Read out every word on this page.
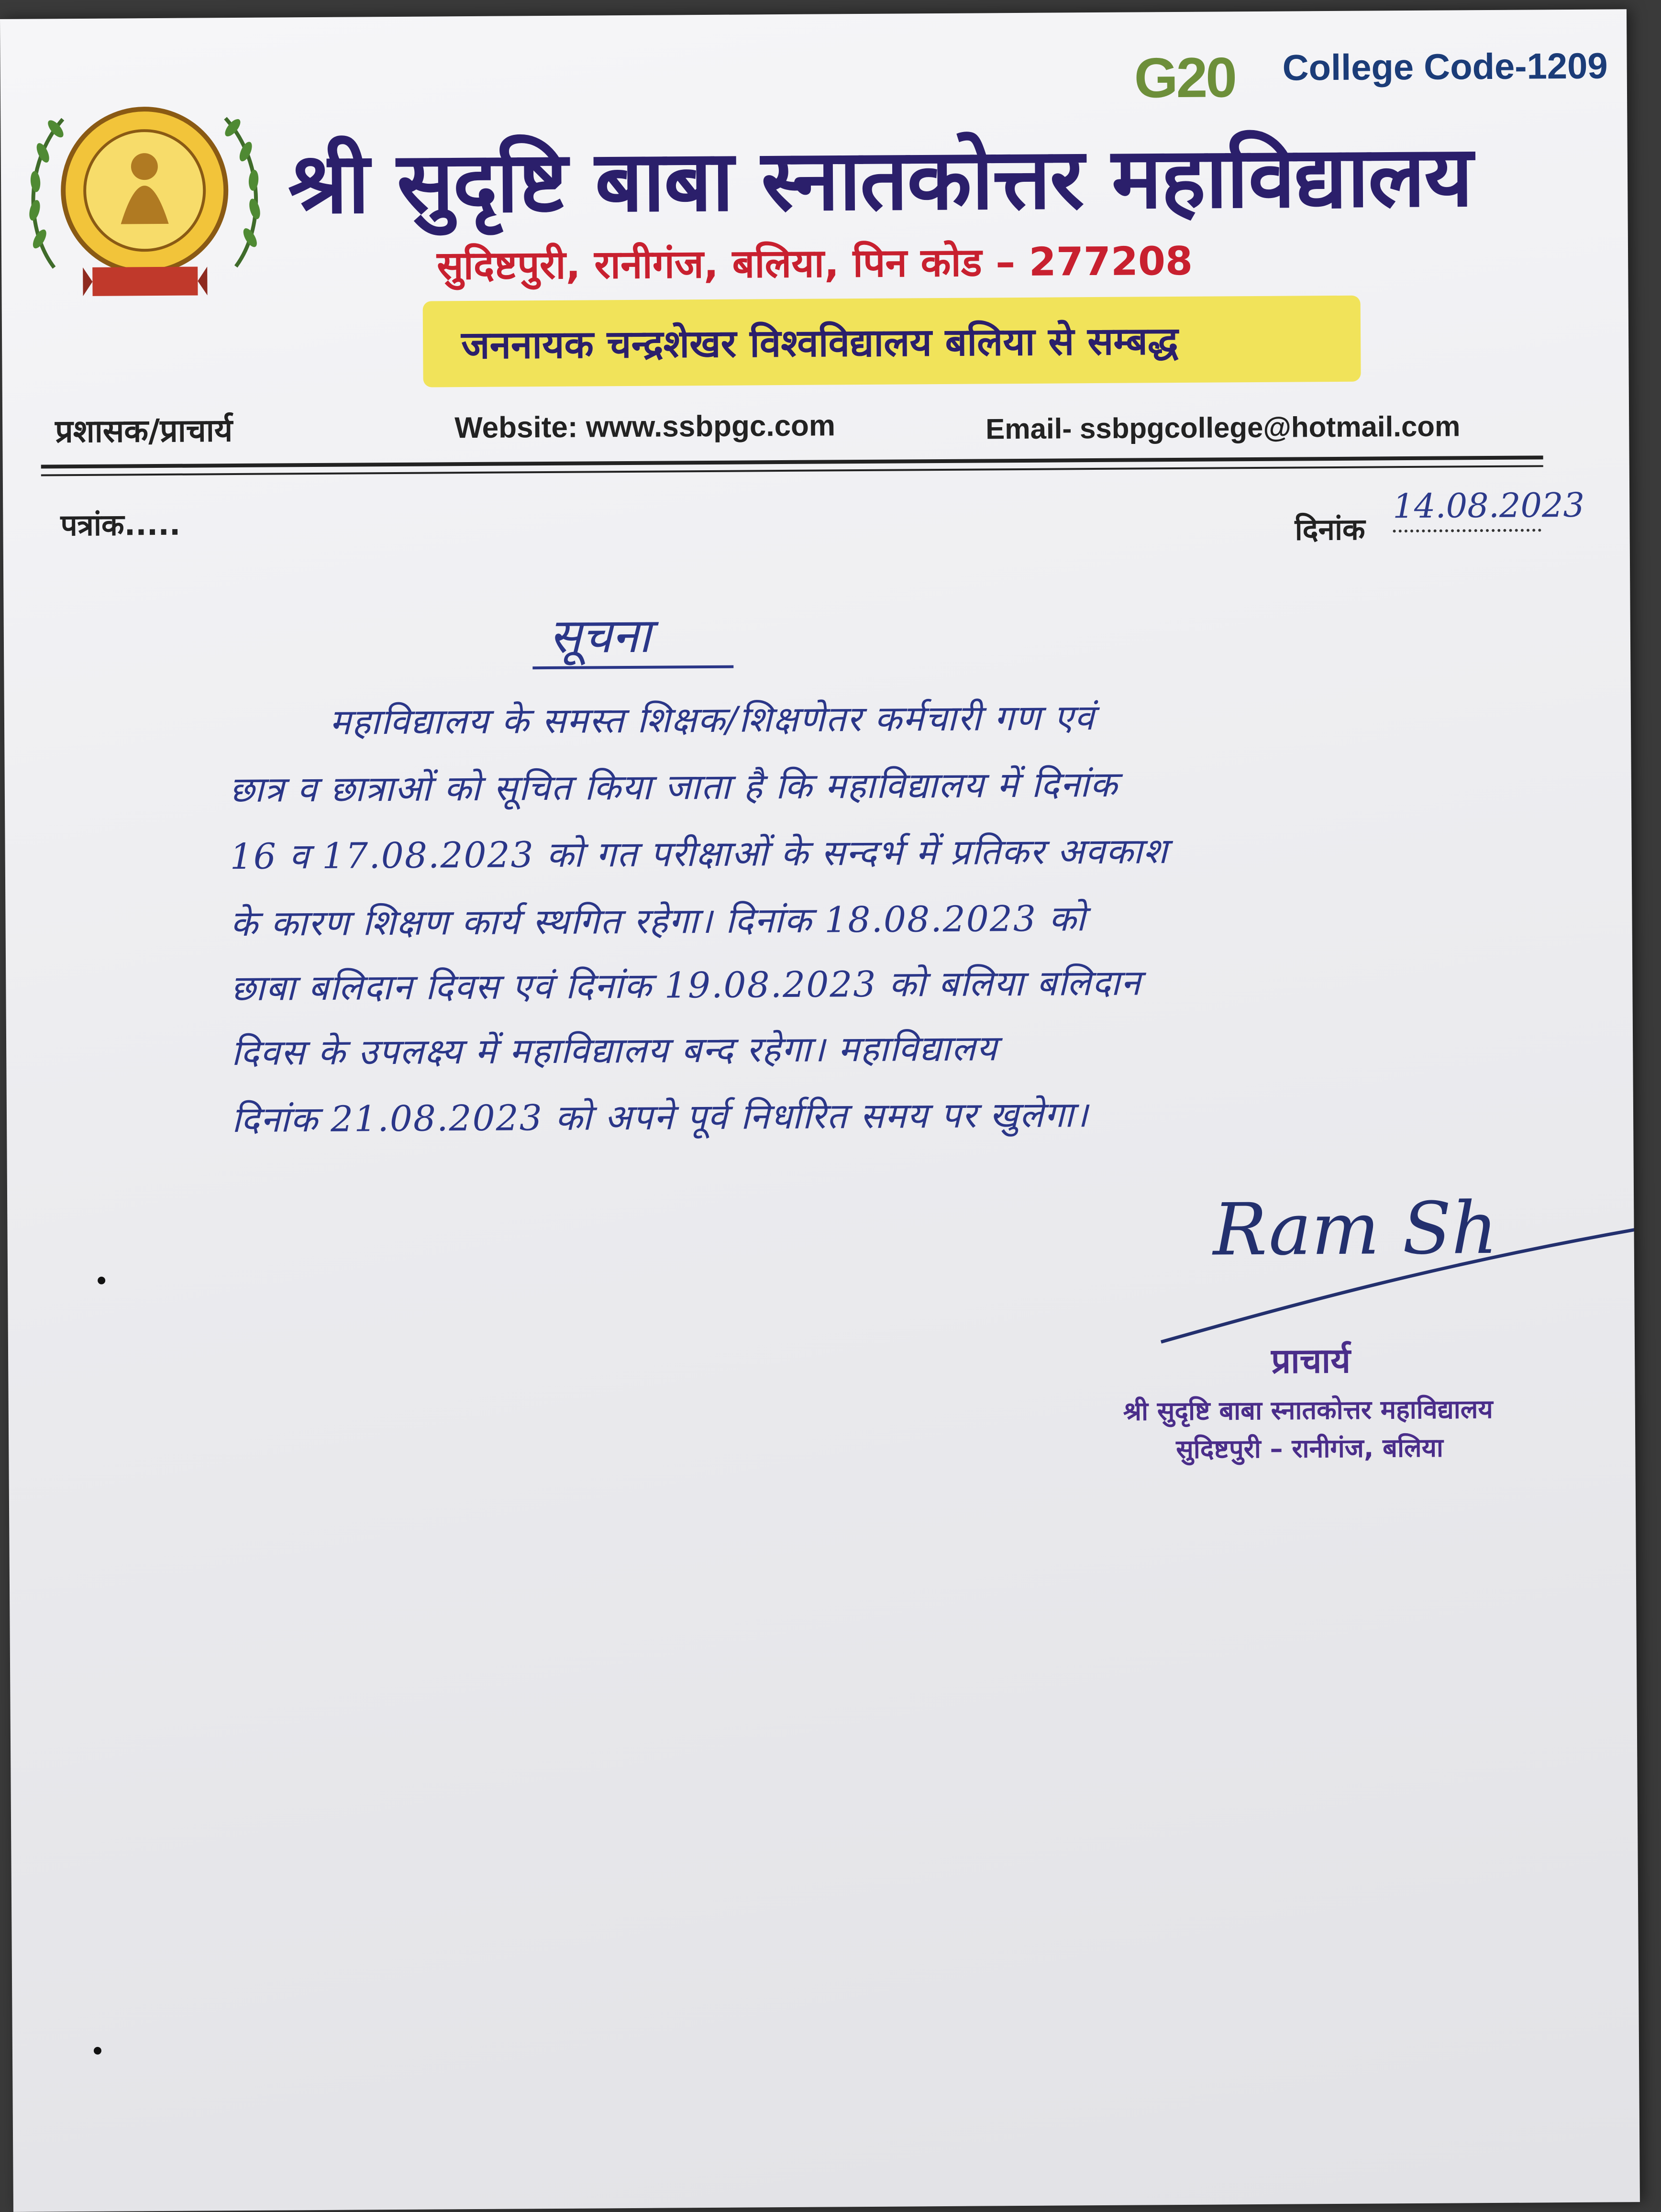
G20 College Code-1209
श्री सुदृष्टि बाबा स्नातकोत्तर महाविद्यालय
सुदिष्टपुरी, रानीगंज, बलिया, पिन कोड – 277208
जननायक चन्द्रशेखर विश्वविद्यालय बलिया से सम्बद्ध
प्रशासक/प्राचार्य	Website: www.ssbpgc.com	Email- ssbpgcollege@hotmail.com
पत्रांक.....	दिनांक
14.08.2023
सूचना
महाविद्यालय के समस्त शिक्षक/शिक्षणेतर कर्मचारी गण एवं
छात्र व छात्राओं को सूचित किया जाता है कि महाविद्यालय में दिनांक
16 व 17.08.2023 को गत परीक्षाओं के सन्दर्भ में प्रतिकर अवकाश
के कारण शिक्षण कार्य स्थगित रहेगा। दिनांक 18.08.2023 को
छाबा बलिदान दिवस एवं दिनांक 19.08.2023 को बलिया बलिदान
दिवस के उपलक्ष्य में महाविद्यालय बन्द रहेगा। महाविद्यालय
दिनांक 21.08.2023 को अपने पूर्व निर्धारित समय पर खुलेगा।
Ram Sh
प्राचार्य
श्री सुदृष्टि बाबा स्नातकोत्तर महाविद्यालय
सुदिष्टपुरी – रानीगंज, बलिया
